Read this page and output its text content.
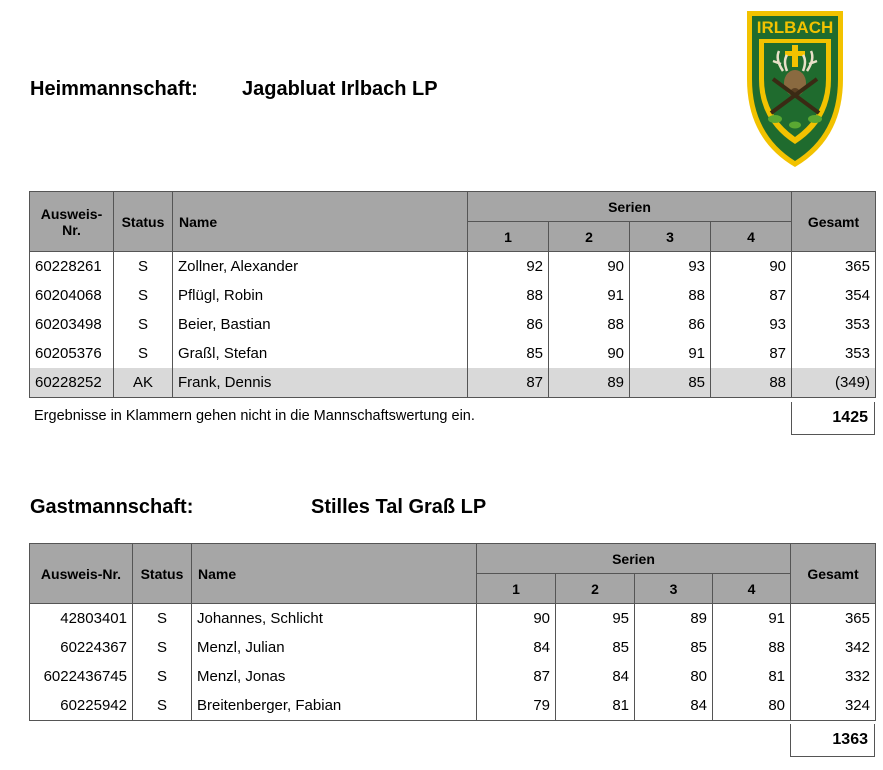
IRLBACH
Heimmannschaft: Jagabluat Irlbach LP
Ausweis-
Nr.	Status	Name	Serien				Gesamt
			1	2	3	4	
60228261	S	Zollner, Alexander	92	90	93	90	365
60204068	S	Pflügl, Robin	88	91	88	87	354
60203498	S	Beier, Bastian	86	88	86	93	353
60205376	S	Graßl, Stefan	85	90	91	87	353
60228252	AK	Frank, Dennis	87	89	85	88	(349)
Ergebnisse in Klammern gehen nicht in die Mannschaftswertung ein.	1425
Gastmannschaft:	Stilles Tal Graß LP
Ausweis-Nr.	Status	Name	Serien				Gesamt
			1	2	3	4	
42803401	S	Johannes, Schlicht	90	95	89	91	365
60224367	S	Menzl, Julian	84	85	85	88	342
6022436745	S	Menzl, Jonas	87	84	80	81	332
60225942	S	Breitenberger, Fabian	79	81	84	80	324
1363
